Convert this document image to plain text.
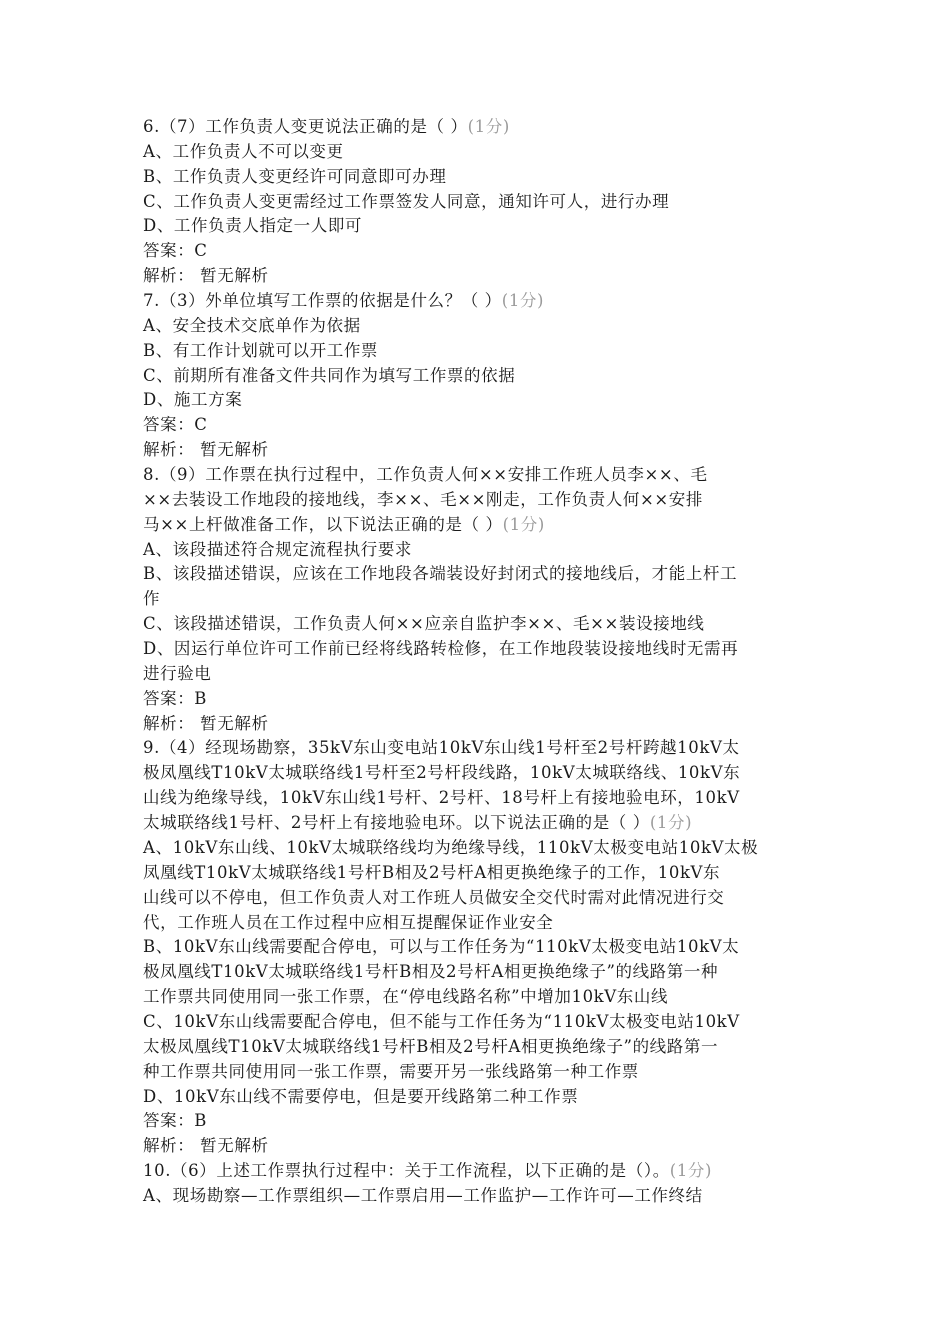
6.（7）工作负责人变更说法正确的是（ ）(1分)
A、工作负责人不可以变更
B、工作负责人变更经许可同意即可办理
C、工作负责人变更需经过工作票签发人同意，通知许可人，进行办理
D、工作负责人指定一人即可
答案：C
解析： 暂无解析
7.（3）外单位填写工作票的依据是什么？（ ）(1分)
A、安全技术交底单作为依据
B、有工作计划就可以开工作票
C、前期所有准备文件共同作为填写工作票的依据
D、施工方案
答案：C
解析： 暂无解析
8.（9）工作票在执行过程中，工作负责人何××安排工作班人员李××、毛
××去装设工作地段的接地线，李××、毛××刚走，工作负责人何××安排
马××上杆做准备工作，以下说法正确的是（ ）(1分)
A、该段描述符合规定流程执行要求
B、该段描述错误，应该在工作地段各端装设好封闭式的接地线后，才能上杆工
作
C、该段描述错误，工作负责人何××应亲自监护李××、毛××装设接地线
D、因运行单位许可工作前已经将线路转检修，在工作地段装设接地线时无需再
进行验电
答案：B
解析： 暂无解析
9.（4）经现场勘察，35kV东山变电站10kV东山线1号杆至2号杆跨越10kV太
极凤凰线T10kV太城联络线1号杆至2号杆段线路，10kV太城联络线、10kV东
山线为绝缘导线，10kV东山线1号杆、2号杆、18号杆上有接地验电环，10kV
太城联络线1号杆、2号杆上有接地验电环。以下说法正确的是（ ）(1分)
A、10kV东山线、10kV太城联络线均为绝缘导线，110kV太极变电站10kV太极
凤凰线T10kV太城联络线1号杆B相及2号杆A相更换绝缘子的工作，10kV东
山线可以不停电，但工作负责人对工作班人员做安全交代时需对此情况进行交
代，工作班人员在工作过程中应相互提醒保证作业安全
B、10kV东山线需要配合停电，可以与工作任务为“110kV太极变电站10kV太
极凤凰线T10kV太城联络线1号杆B相及2号杆A相更换绝缘子”的线路第一种
工作票共同使用同一张工作票，在“停电线路名称”中增加10kV东山线
C、10kV东山线需要配合停电，但不能与工作任务为“110kV太极变电站10kV
太极凤凰线T10kV太城联络线1号杆B相及2号杆A相更换绝缘子”的线路第一
种工作票共同使用同一张工作票，需要开另一张线路第一种工作票
D、10kV东山线不需要停电，但是要开线路第二种工作票
答案：B
解析： 暂无解析
10.（6）上述工作票执行过程中：关于工作流程，以下正确的是（）。(1分)
A、现场勘察—工作票组织—工作票启用—工作监护—工作许可—工作终结
